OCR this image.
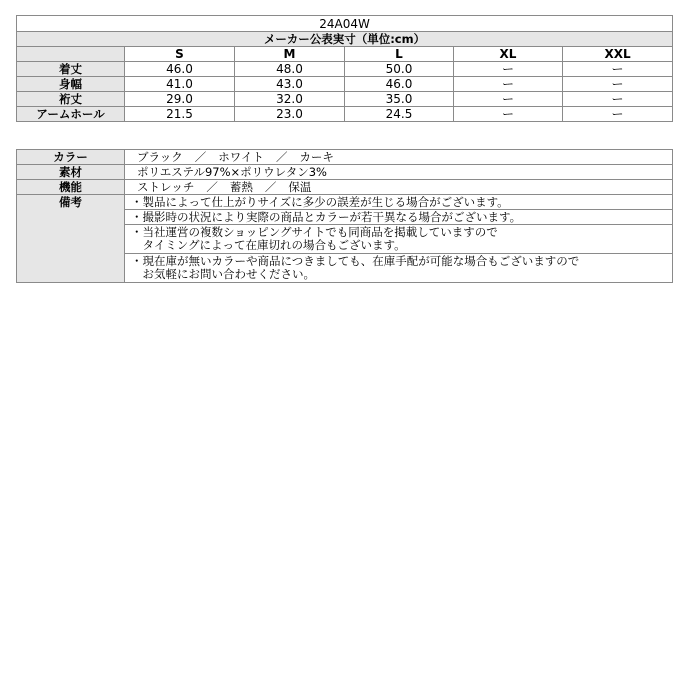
24A04W					
メーカー公表実寸（単位:cm）					
	S	M	L	XL	XXL
着丈	46.0	48.0	50.0	ー	ー
身幅	41.0	43.0	46.0	ー	ー
裄丈	29.0	32.0	35.0	ー	ー
アームホール	21.5	23.0	24.5	ー	ー
カラー	ブラック ／ ホワイト ／ カーキ
素材	ポリエステル97%×ポリウレタン3%
機能	ストレッチ ／ 蓄熱 ／ 保温
備考	・製品によって仕上がりサイズに多少の誤差が生じる場合がございます。

	・撮影時の状況により実際の商品とカラーが若干異なる場合がございます。

	・当社運営の複数ショッピングサイトでも同商品を掲載していますので
　タイミングによって在庫切れの場合もございます。

	・現在庫が無いカラーや商品につきましても、在庫手配が可能な場合もございますので
　お気軽にお問い合わせください。
